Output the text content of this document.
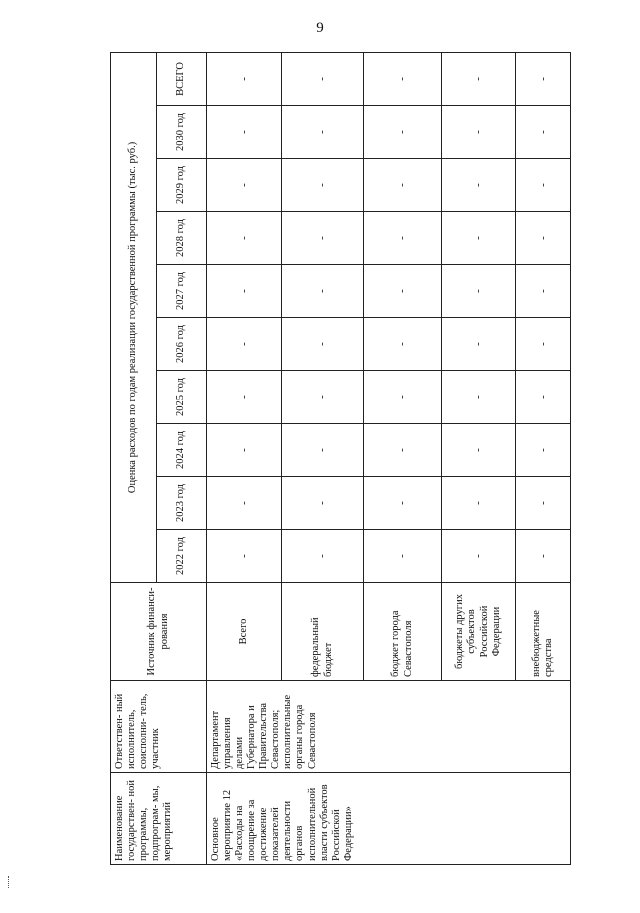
9
Наименование государствен- ной программы, подпрограм- мы, мероприятий	Ответствен- ный исполнитель, соисполни- тель, участник	Источник финанси- рования	Оценка расходов по годам реализации государственной программы (тыс. руб.)									
			2022 год	2023 год	2024 год	2025 год	2026 год	2027 год	2028 год	2029 год	2030 год	ВСЕГО
Основное мероприятие 12 «Расходы на поощрение за достижение показателей деятельности органов исполнительной власти субъектов Российской Федерации»	Департамент управления делами Губернатора и Правительства Севастополя; исполнительные органы города Севастополя	Всего	-	-	-	-	-	-	-	-	-	-
		федеральный бюджет	-	-	-	-	-	-	-	-	-	-
		бюджет города Севастополя	-	-	-	-	-	-	-	-	-	-
		бюджеты других субъектов Российской Федерации	-	-	-	-	-	-	-	-	-	-
		внебюджетные средства	-	-	-	-	-	-	-	-	-	-
